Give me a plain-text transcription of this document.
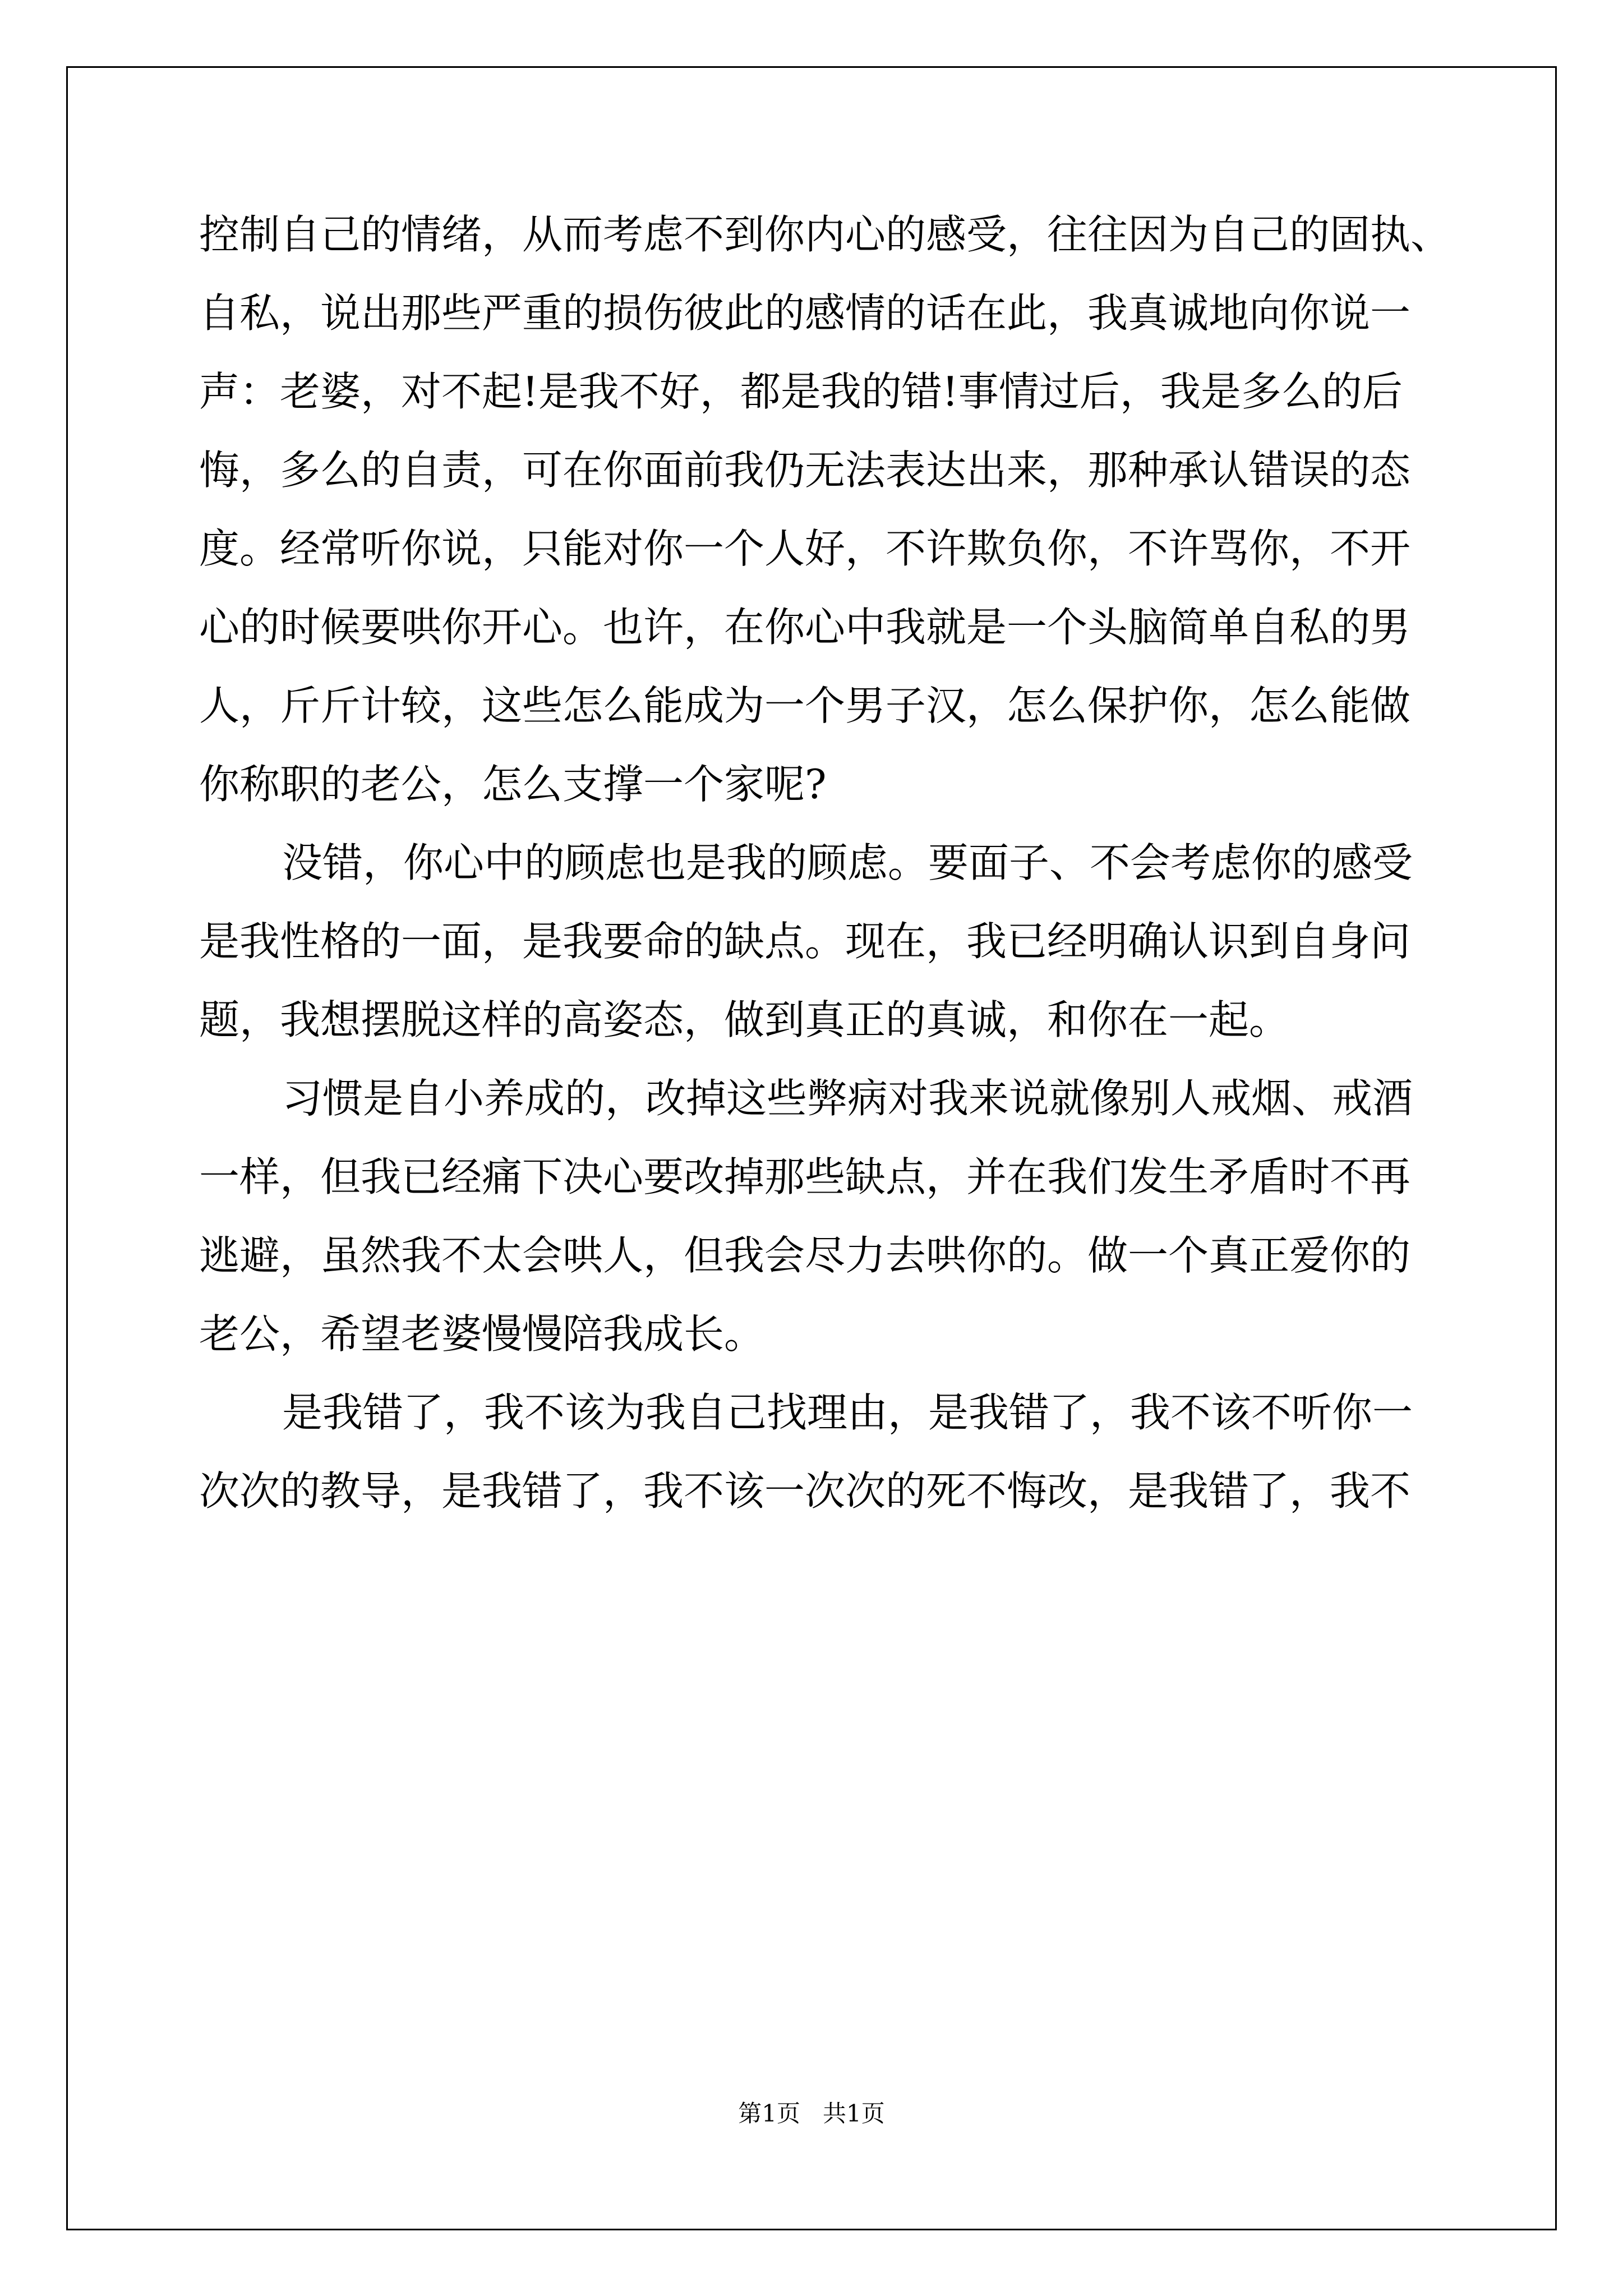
控制自己的情绪，从而考虑不到你内心的感受，往往因为自己的固执、
自私，说出那些严重的损伤彼此的感情的话在此，我真诚地向你说一
声：老婆，对不起!是我不好，都是我的错!事情过后，我是多么的后
悔，多么的自责，可在你面前我仍无法表达出来，那种承认错误的态
度。经常听你说，只能对你一个人好，不许欺负你，不许骂你，不开
心的时候要哄你开心。也许，在你心中我就是一个头脑简单自私的男
人，斤斤计较，这些怎么能成为一个男子汉，怎么保护你，怎么能做
你称职的老公，怎么支撑一个家呢?
没错，你心中的顾虑也是我的顾虑。要面子、不会考虑你的感受
是我性格的一面，是我要命的缺点。现在，我已经明确认识到自身问
题，我想摆脱这样的高姿态，做到真正的真诚，和你在一起。
习惯是自小养成的，改掉这些弊病对我来说就像别人戒烟、戒酒
一样，但我已经痛下决心要改掉那些缺点，并在我们发生矛盾时不再
逃避，虽然我不太会哄人，但我会尽力去哄你的。做一个真正爱你的
老公，希望老婆慢慢陪我成长。
是我错了，我不该为我自己找理由，是我错了，我不该不听你一
次次的教导，是我错了，我不该一次次的死不悔改，是我错了，我不
第1页 共1页
